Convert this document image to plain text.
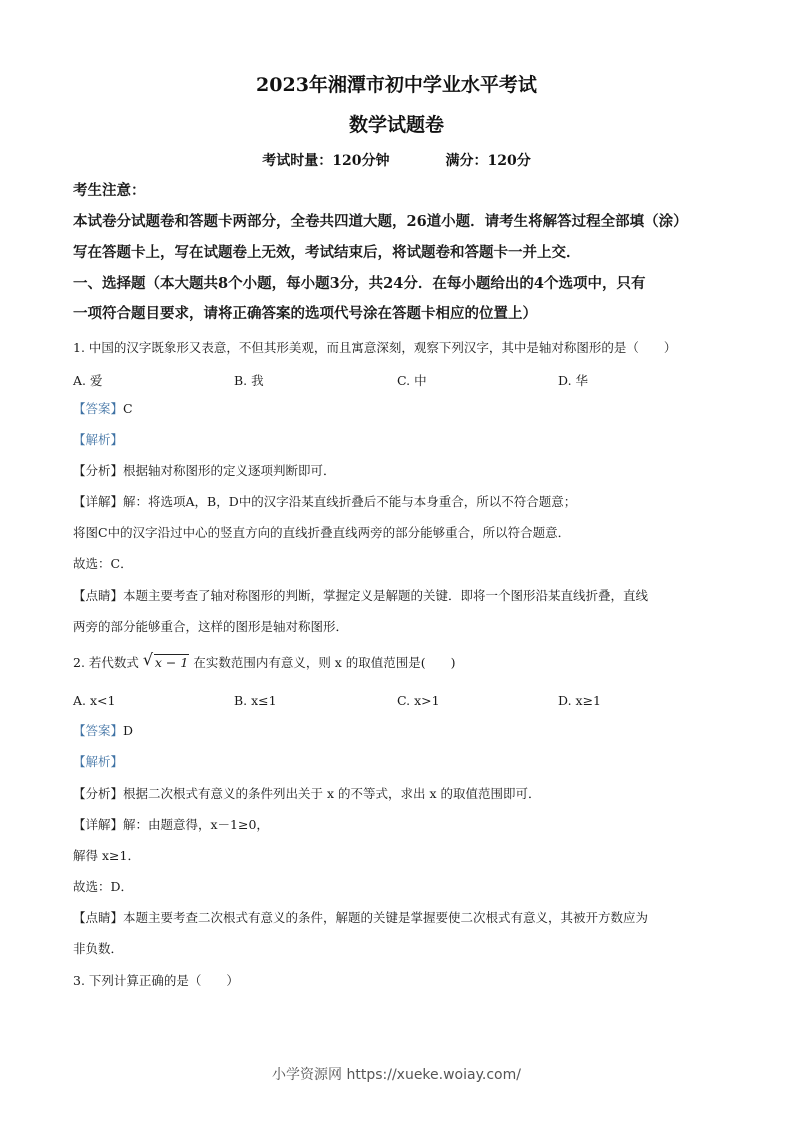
2023年湘潭市初中学业水平考试
数学试题卷
考试时量：120分钟	满分：120分
考生注意：
本试卷分试题卷和答题卡两部分，全卷共四道大题，26道小题．请考生将解答过程全部填（涂）
写在答题卡上，写在试题卷上无效，考试结束后，将试题卷和答题卡一并上交．
一、选择题（本大题共8个小题，每小题3分，共24分．在每小题给出的4个选项中，只有
一项符合题目要求，请将正确答案的选项代号涂在答题卡相应的位置上）
1. 中国的汉字既象形又表意，不但其形美观，而且寓意深刻，观察下列汉字，其中是轴对称图形的是（　　）
A. 爱	B. 我	C. 中	D. 华
【答案】C
【解析】
【分析】根据轴对称图形的定义逐项判断即可．
【详解】解：将选项A，B，D中的汉字沿某直线折叠后不能与本身重合，所以不符合题意；
将图C中的汉字沿过中心的竖直方向的直线折叠直线两旁的部分能够重合，所以符合题意．
故选：C．
【点睛】本题主要考查了轴对称图形的判断，掌握定义是解题的关键．即将一个图形沿某直线折叠，直线
两旁的部分能够重合，这样的图形是轴对称图形．
2. 若代数式 √ x − 1 在实数范围内有意义，则 x 的取值范围是(　　)
A. x<1	B. x≤1	C. x>1	D. x≥1
【答案】D
【解析】
【分析】根据二次根式有意义的条件列出关于 x 的不等式，求出 x 的取值范围即可．
【详解】解：由题意得，x－1≥0，
解得 x≥1．
故选：D．
【点睛】本题主要考查二次根式有意义的条件，解题的关键是掌握要使二次根式有意义，其被开方数应为
非负数．
3. 下列计算正确的是（　　）
小学资源网 https://xueke.woiay.com/
